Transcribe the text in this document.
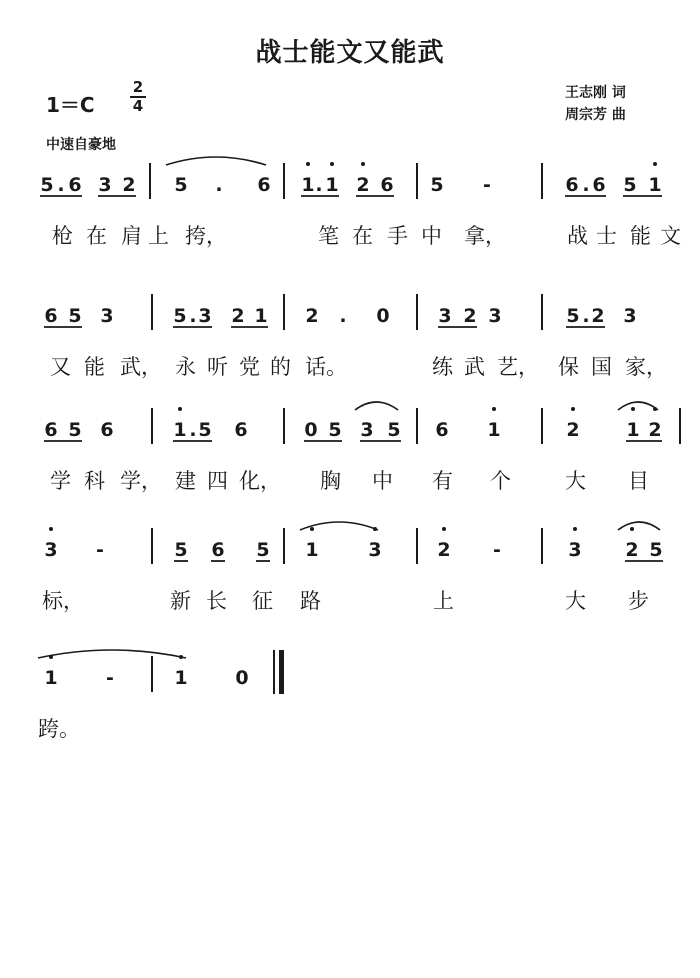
战士能文又能武
1＝C
2
4
王志刚 词
周宗芳 曲
中速自豪地
5 . 6 3 2 5 . 6 1 . 1 2 6 5 -	6 . 6 5 1
枪 在 肩 上 挎，	笔 在 手 中 拿，	战 士 能 文
6 5 3	5 . 3 2 1 2 . 0	3 2 3	5 . 2 3
又 能 武， 永 听 党 的 话。	练 武 艺， 保 国 家，
6 5 6	1 . 5 6	0 5 3 5 6 1	2 1 2
学 科 学， 建 四 化， 胸 中 有 个	大 目
3 -	5 6 5 1	3	2 -	3 2 5
标，	新 长 征 路	上	大 步
1	-	1	0
跨。
